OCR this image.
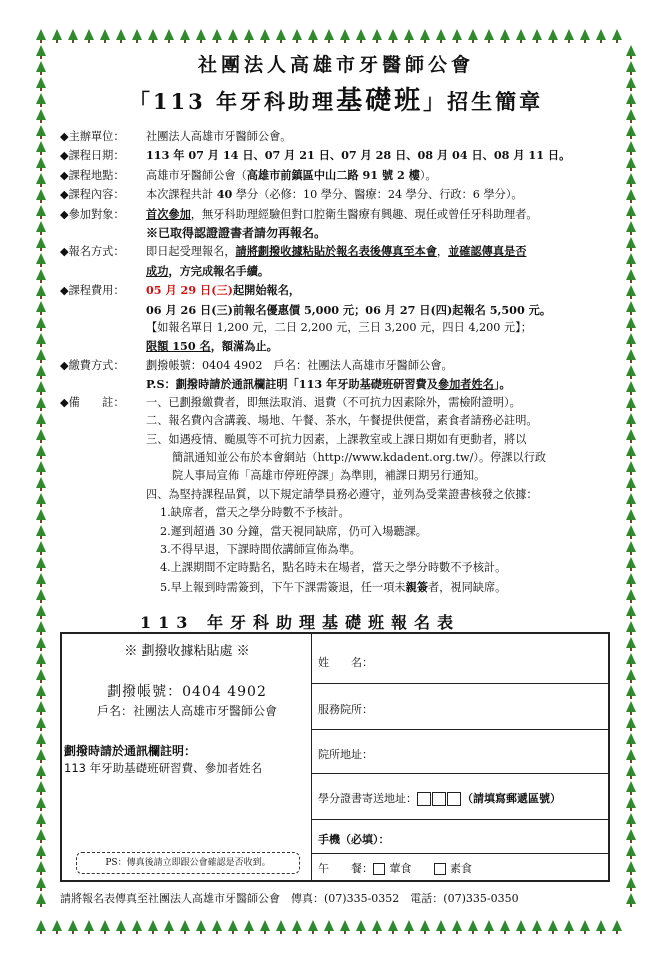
社團法人高雄市牙醫師公會
「113 年牙科助理基礎班」招生簡章
◆主辦單位： 社團法人高雄市牙醫師公會。
◆課程日期： 113 年 07 月 14 日、07 月 21 日、07 月 28 日、08 月 04 日、08 月 11 日。
◆課程地點： 高雄市牙醫師公會（高雄市前鎮區中山二路 91 號 2 樓）。
◆課程內容： 本次課程共計 40 學分（必修：10 學分、醫療：24 學分、行政：6 學分）。
◆參加對象： 首次參加，無牙科助理經驗但對口腔衛生醫療有興趣、現任或曾任牙科助理者。
※已取得認證證書者請勿再報名。
◆報名方式： 即日起受理報名，請將劃撥收據粘貼於報名表後傳真至本會，並確認傳真是否
成功，方完成報名手續。
◆課程費用： 05 月 29 日(三)起開始報名，
06 月 26 日(三)前報名優惠價 5,000 元；06 月 27 日(四)起報名 5,500 元。
【如報名單日 1,200 元，二日 2,200 元，三日 3,200 元，四日 4,200 元】；
限額 150 名，額滿為止。
◆繳費方式： 劃撥帳號：0404 4902　戶名：社團法人高雄市牙醫師公會。
P.S：劃撥時請於通訊欄註明「113 年牙助基礎班研習費及參加者姓名」。
◆備　　註： 一、已劃撥繳費者，即無法取消、退費（不可抗力因素除外，需檢附證明）。
二、報名費內含講義、場地、午餐、茶水，午餐提供便當，素食者請務必註明。
三、如遇疫情、颱風等不可抗力因素，上課教室或上課日期如有更動者，將以
簡訊通知並公布於本會網站（http://www.kdadent.org.tw/）。停課以行政
院人事局宣佈「高雄市停班停課」為準則，補課日期另行通知。
四、為堅持課程品質，以下規定請學員務必遵守，並列為受業證書核發之依據：
1.缺席者，當天之學分時數不予核計。
2.遲到超過 30 分鐘，當天視同缺席，仍可入場聽課。
3.不得早退，下課時間依講師宣佈為準。
4.上課期間不定時點名，點名時未在場者，當天之學分時數不予核計。
5.早上報到時需簽到，下午下課需簽退，任一項未親簽者，視同缺席。
113 年牙科助理基礎班報名表
※ 劃撥收據粘貼處 ※
劃撥帳號：0404 4902
戶名：社團法人高雄市牙醫師公會
劃撥時請於通訊欄註明：
113 年牙助基礎班研習費、參加者姓名
PS：傳真後請立即跟公會確認是否收到。
姓　　名：
服務院所：
院所地址：
學分證書寄送地址：	（請填寫郵遞區號）
手機（必填）：
午　　餐： 葷食　　	素食
請將報名表傳真至社團法人高雄市牙醫師公會　傳真：(07)335-0352　電話：(07)335-0350
